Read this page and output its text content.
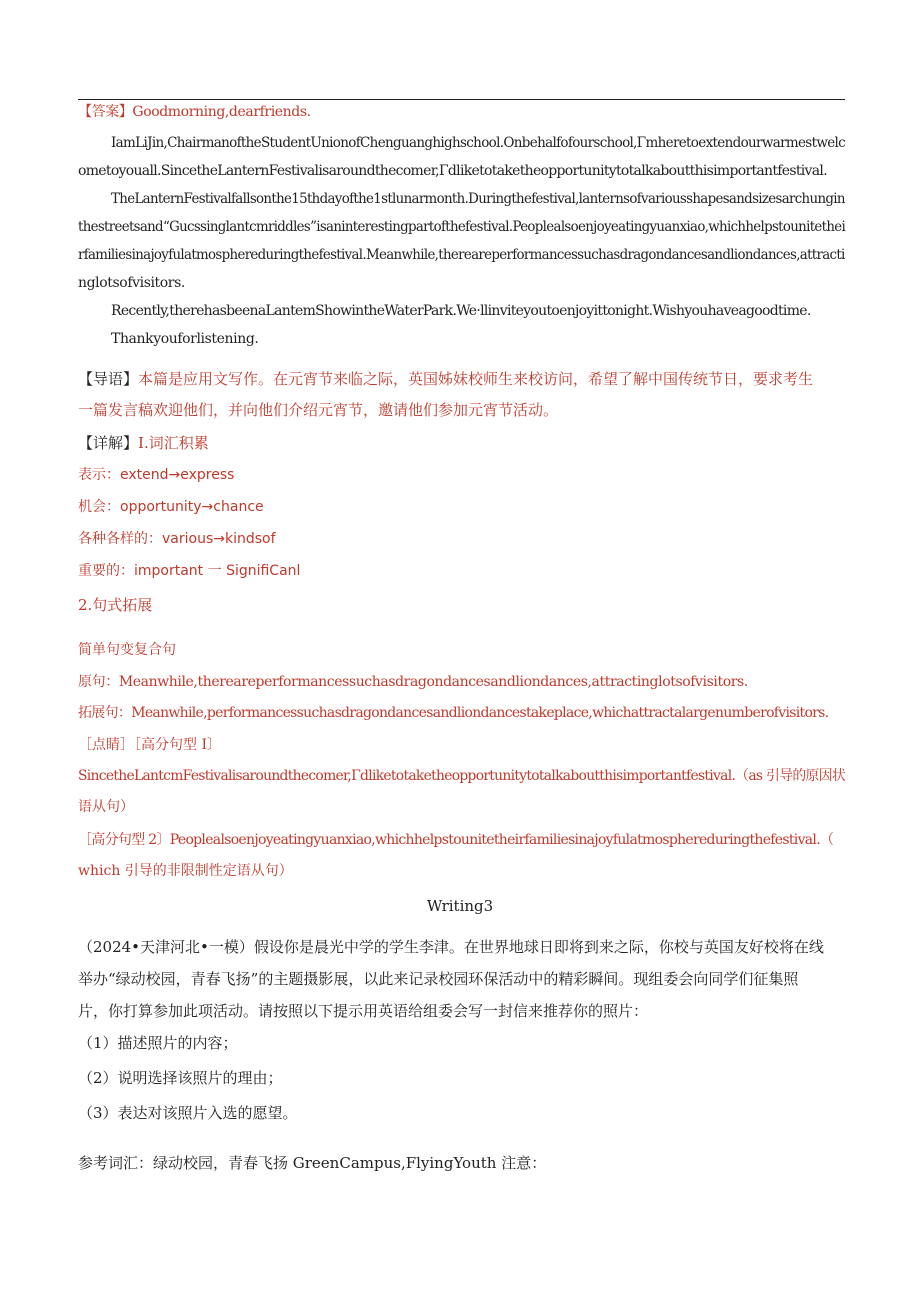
【答案】Goodmorning,dearfriends.
IamLiJin,ChairmanoftheStudentUnionofChenguanghighschool.Onbehalfofourschool,Γmheretoextendourwarmestwelc
ometoyouall.SincetheLanternFestivalisaroundthecomer,Γdliketotaketheopportunitytotalkaboutthisimportantfestival.
TheLanternFestivalfallsonthe15thdayofthe1stlunarmonth.Duringthefestival,lanternsofvariousshapesandsizesarchungin
thestreetsand“Gucssinglantcmriddles”isaninterestingpartofthefestival.Peoplealsoenjoyeatingyuanxiao,whichhelpstounitethei
rfamiliesinajoyfulatmosphereduringthefestival.Meanwhile,thereareperformancessuchasdragondancesandliondances,attracti
nglotsofvisitors.
Recently,therehasbeenaLantemShowintheWaterPark.We·llinviteyoutoenjoyittonight.Wishyouhaveagoodtime.
Thankyouforlistening.
【导语】本篇是应用文写作。在元宵节来临之际，英国姊妹校师生来校访问，希望了解中国传统节日，要求考生
一篇发言稿欢迎他们，并向他们介绍元宵节，邀请他们参加元宵节活动。
【详解】I.词汇积累
表示：extend→express
机会：opportunity→chance
各种各样的：various→kindsof
重要的：important 一 SignifiCanl
2.句式拓展
简单句变复合句
原句：Meanwhile,thereareperformancessuchasdragondancesandliondances,attractinglotsofvisitors.
拓展句：Meanwhile,performancessuchasdragondancesandliondancestakeplace,whichattractalargenumberofvisitors.
［点睛］［高分句型 I〕
SincetheLantcmFestivalisaroundthecomer,Γdliketotaketheopportunitytotalkaboutthisimportantfestival.（as 引导的原因状
语从句）
［高分句型 2〕Peoplealsoenjoyeatingyuanxiao,whichhelpstounitetheirfamiliesinajoyfulatmosphereduringthefestival.（
which 引导的非限制性定语从句）
Writing3
（2024•天津河北•一模）假设你是晨光中学的学生李津。在世界地球日即将到来之际，你校与英国友好校将在线
举办“绿动校园，青春飞扬”的主题摄影展，以此来记录校园环保活动中的精彩瞬间。现组委会向同学们征集照
片，你打算参加此项活动。请按照以下提示用英语给组委会写一封信来推荐你的照片：
（1）描述照片的内容；
（2）说明选择该照片的理由；
（3）表达对该照片入选的愿望。
参考词汇：绿动校园，青春飞扬 GreenCampus,FlyingYouth 注意：
